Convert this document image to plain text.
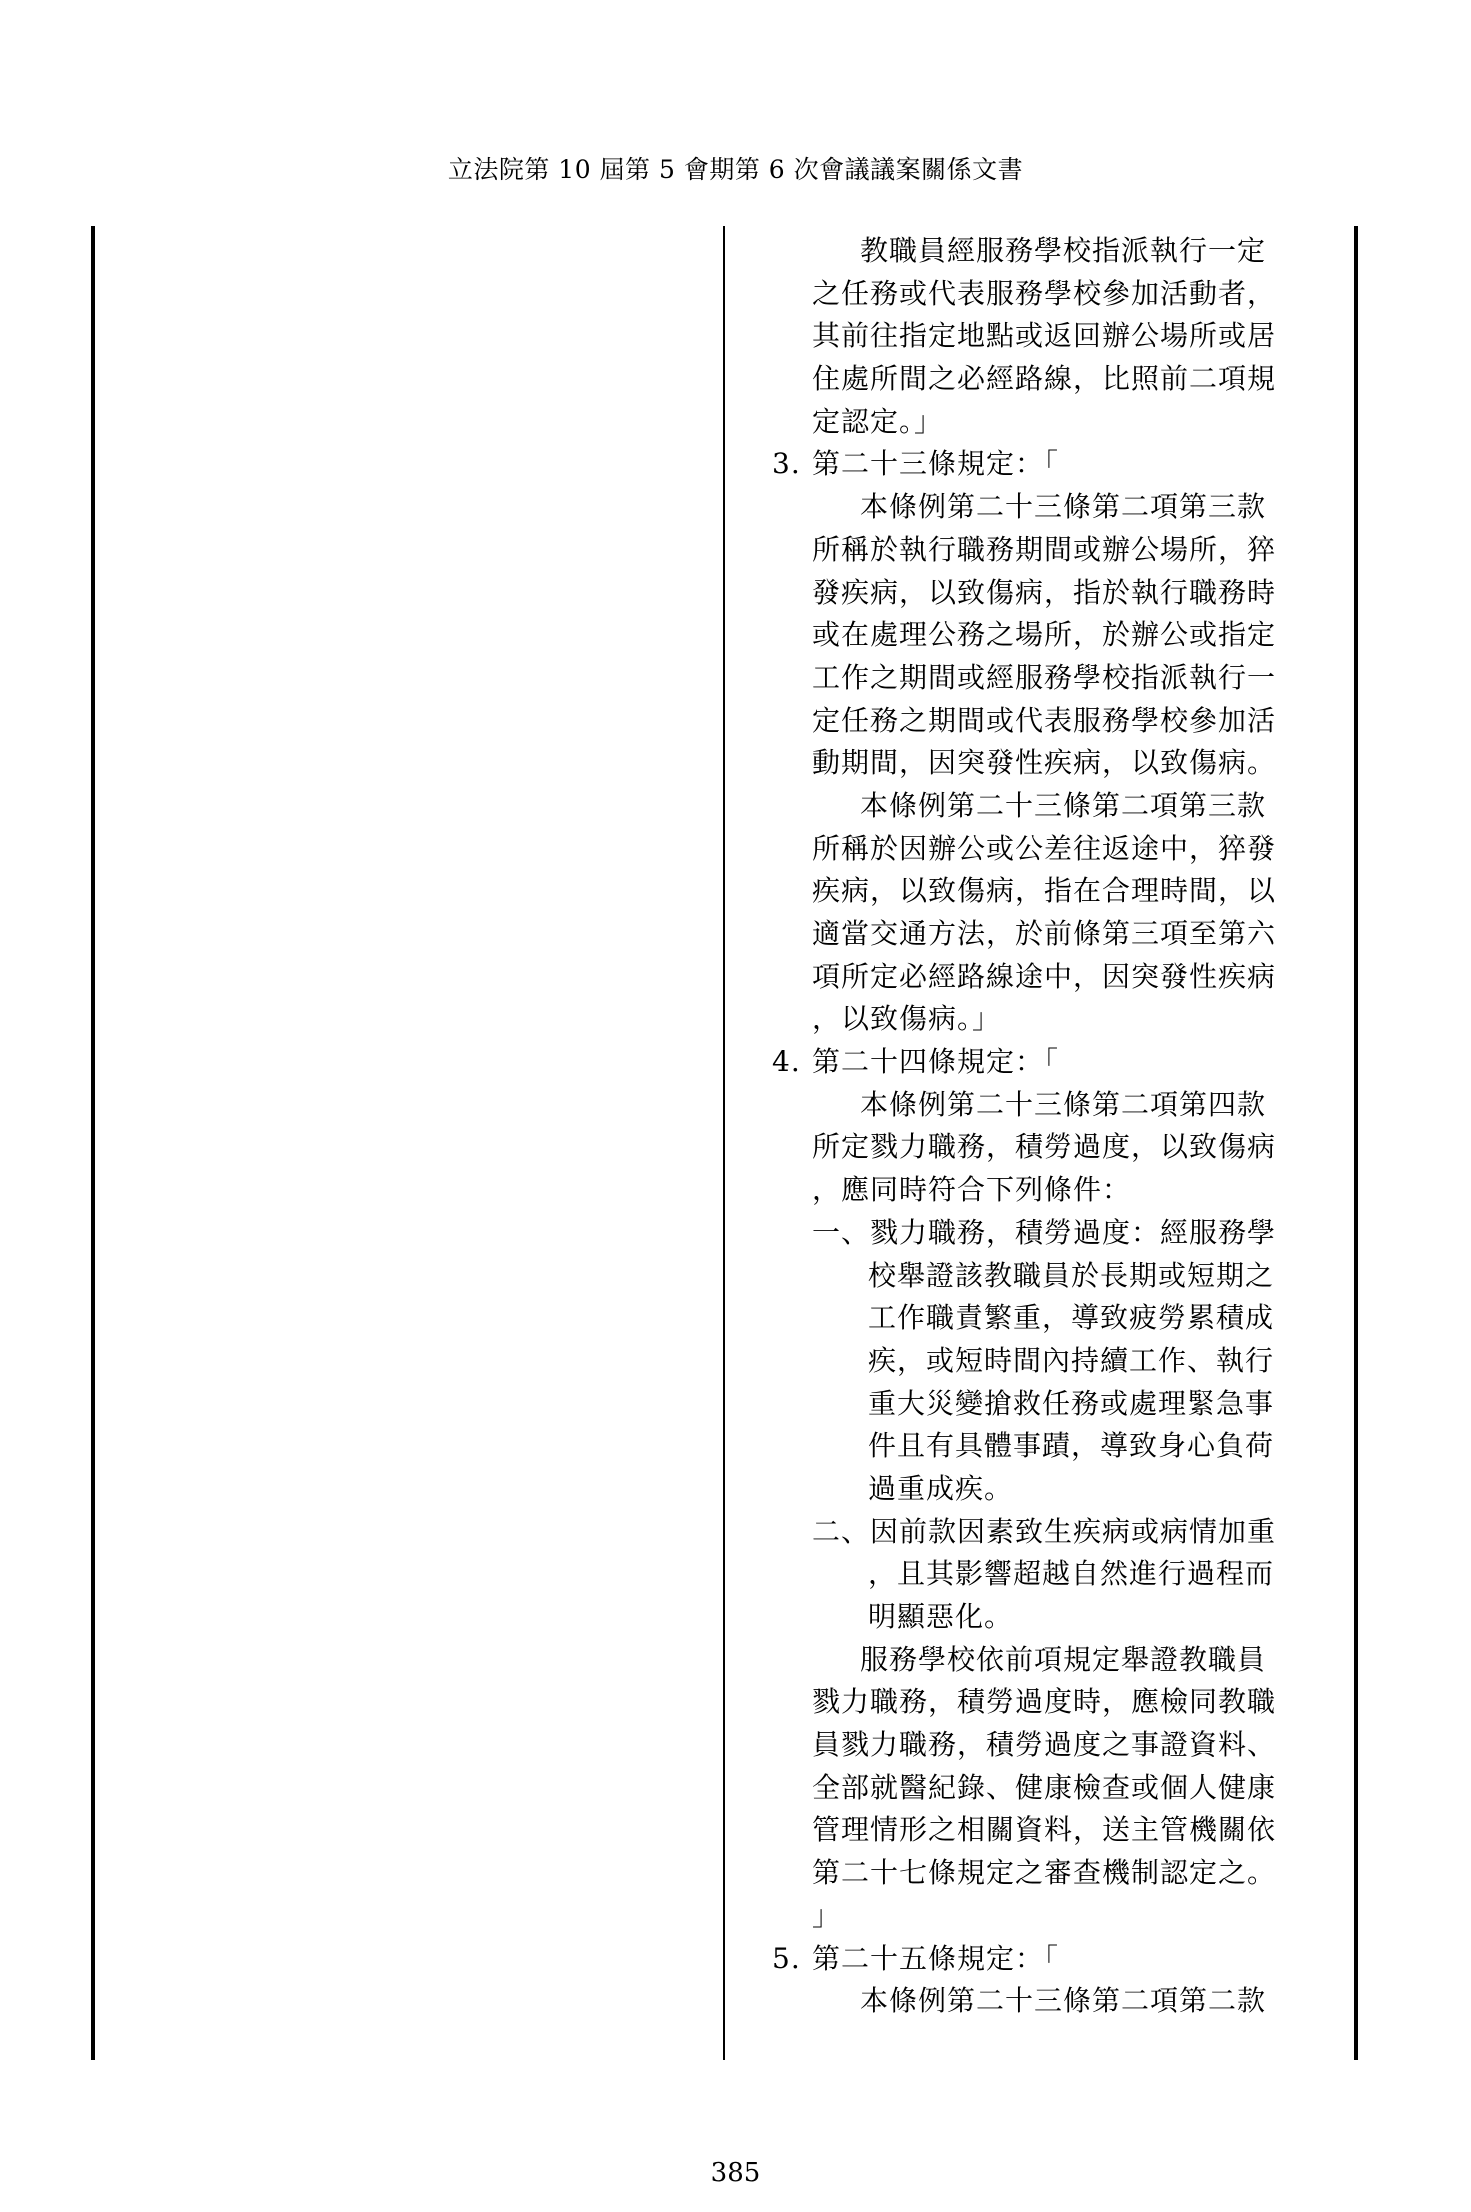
立法院第 10 屆第 5 會期第 6 次會議議案關係文書
教職員經服務學校指派執行一定
之任務或代表服務學校參加活動者，
其前往指定地點或返回辦公場所或居
住處所間之必經路線，比照前二項規
定認定。」
3. 第二十三條規定：「
本條例第二十三條第二項第三款
所稱於執行職務期間或辦公場所，猝
發疾病，以致傷病，指於執行職務時
或在處理公務之場所，於辦公或指定
工作之期間或經服務學校指派執行一
定任務之期間或代表服務學校參加活
動期間，因突發性疾病，以致傷病。
本條例第二十三條第二項第三款
所稱於因辦公或公差往返途中，猝發
疾病，以致傷病，指在合理時間，以
適當交通方法，於前條第三項至第六
項所定必經路線途中，因突發性疾病
，以致傷病。」
4. 第二十四條規定：「
本條例第二十三條第二項第四款
所定戮力職務，積勞過度，以致傷病
，應同時符合下列條件：
一、戮力職務，積勞過度：經服務學
校舉證該教職員於長期或短期之
工作職責繁重，導致疲勞累積成
疾，或短時間內持續工作、執行
重大災變搶救任務或處理緊急事
件且有具體事蹟，導致身心負荷
過重成疾。
二、因前款因素致生疾病或病情加重
，且其影響超越自然進行過程而
明顯惡化。
服務學校依前項規定舉證教職員
戮力職務，積勞過度時，應檢同教職
員戮力職務，積勞過度之事證資料、
全部就醫紀錄、健康檢查或個人健康
管理情形之相關資料，送主管機關依
第二十七條規定之審查機制認定之。
」
5. 第二十五條規定：「
本條例第二十三條第二項第二款
385
